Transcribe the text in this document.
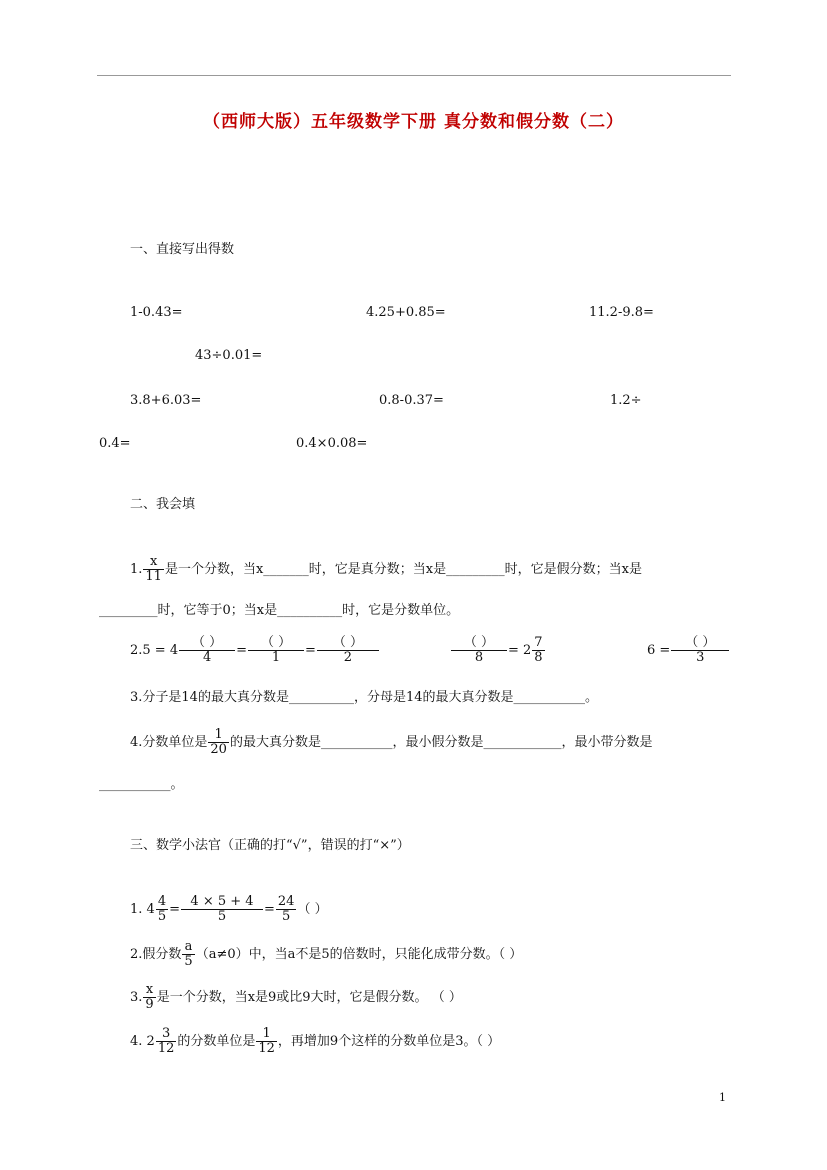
（西师大版）五年级数学下册 真分数和假分数（二）
一、直接写出得数
1-0.43=	4.25+0.85=	11.2-9.8=
43÷0.01=
3.8+6.03=	0.8-0.37=	1.2÷
0.4=	0.4×0.08=
二、我会填
1. $\frac{x}{11}$ 是一个分数，当x_______时，它是真分数；当x是_________时，它是假分数；当x是
_________时，它等于0；当x是__________时，它是分数单位。
$2.5 = 4 \frac{( )}{4} = \frac{( )}{1} = \frac{( )}{2}$	$\frac{( )}{8} = 2 \frac{7}{8}$	$6 = \frac{( )}{3}$
3.分子是14的最大真分数是__________，分母是14的最大真分数是___________。
4.分数单位是 $\frac{1}{20}$ 的最大真分数是___________，最小假分数是____________，最小带分数是
___________。
三、数学小法官（正确的打“√”，错误的打“×”）
1. $4 \frac{4}{5} = \frac{4 \times 5 + 4}{5} = \frac{24}{5}$ （ ）
2.假分数 $\frac{a}{5} (a\ne 0)$中，当a不是5的倍数时，只能化成带分数。（ ）
3. $\frac{x}{9}$ 是一个分数，当x是9或比9大时，它是假分数。 （ ）
4. $2 \frac{3}{12}$ 的分数单位是 $\frac{1}{12}$ ，再增加9个这样的分数单位是3。（ ）
1
